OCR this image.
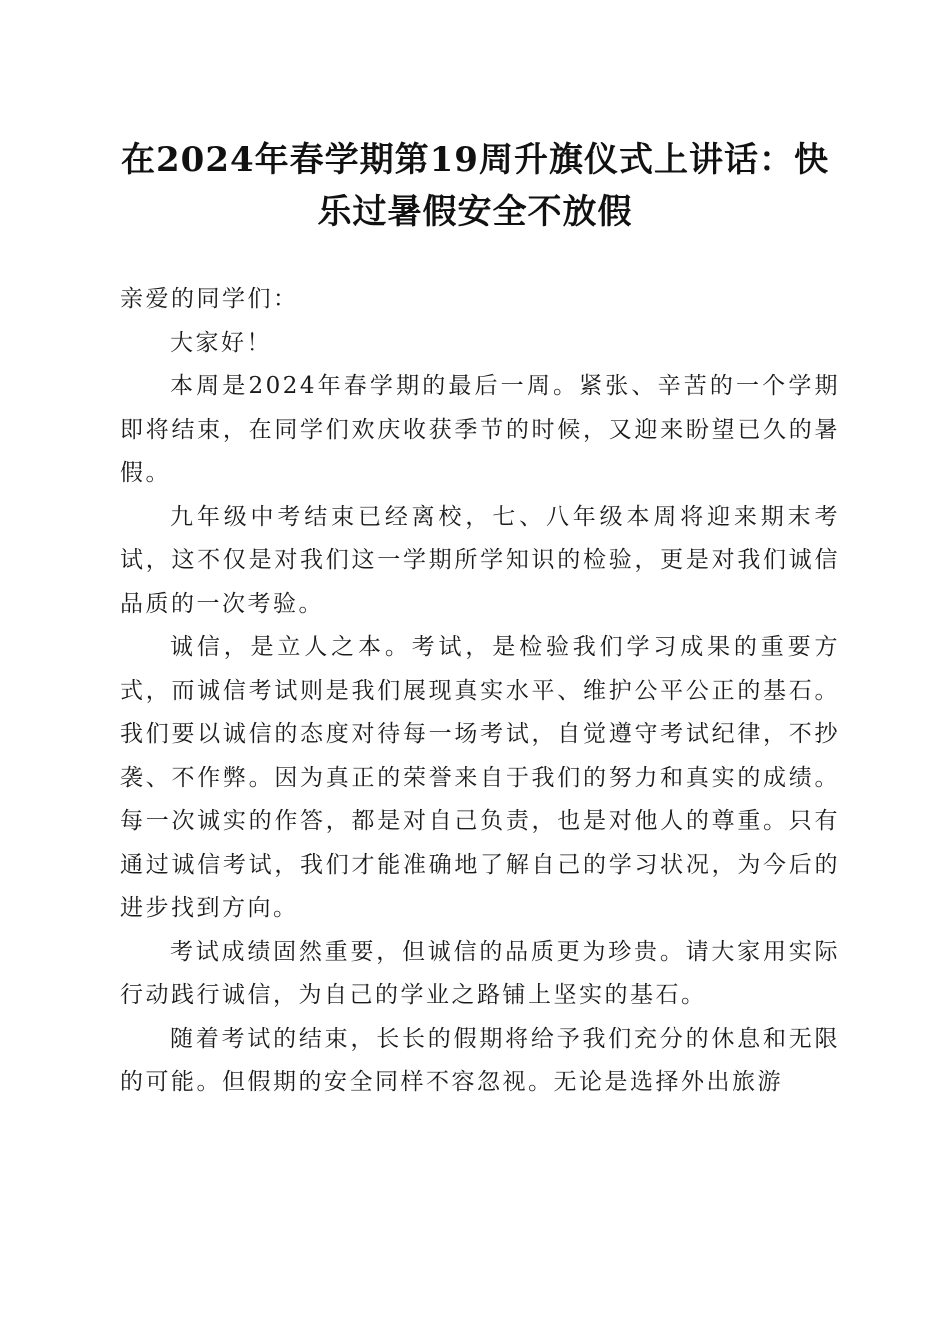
在2024年春学期第19周升旗仪式上讲话：快乐过暑假安全不放假

亲爱的同学们：

大家好！

本周是2024年春学期的最后一周。紧张、辛苦的一个学期即将结束，在同学们欢庆收获季节的时候，又迎来盼望已久的暑假。

九年级中考结束已经离校，七、八年级本周将迎来期末考试，这不仅是对我们这一学期所学知识的检验，更是对我们诚信品质的一次考验。

诚信，是立人之本。考试，是检验我们学习成果的重要方式，而诚信考试则是我们展现真实水平、维护公平公正的基石。我们要以诚信的态度对待每一场考试，自觉遵守考试纪律，不抄袭、不作弊。因为真正的荣誉来自于我们的努力和真实的成绩。每一次诚实的作答，都是对自己负责，也是对他人的尊重。只有通过诚信考试，我们才能准确地了解自己的学习状况，为今后的进步找到方向。

考试成绩固然重要，但诚信的品质更为珍贵。请大家用实际行动践行诚信，为自己的学业之路铺上坚实的基石。

随着考试的结束，长长的假期将给予我们充分的休息和无限的可能。但假期的安全同样不容忽视。无论是选择外出旅游
